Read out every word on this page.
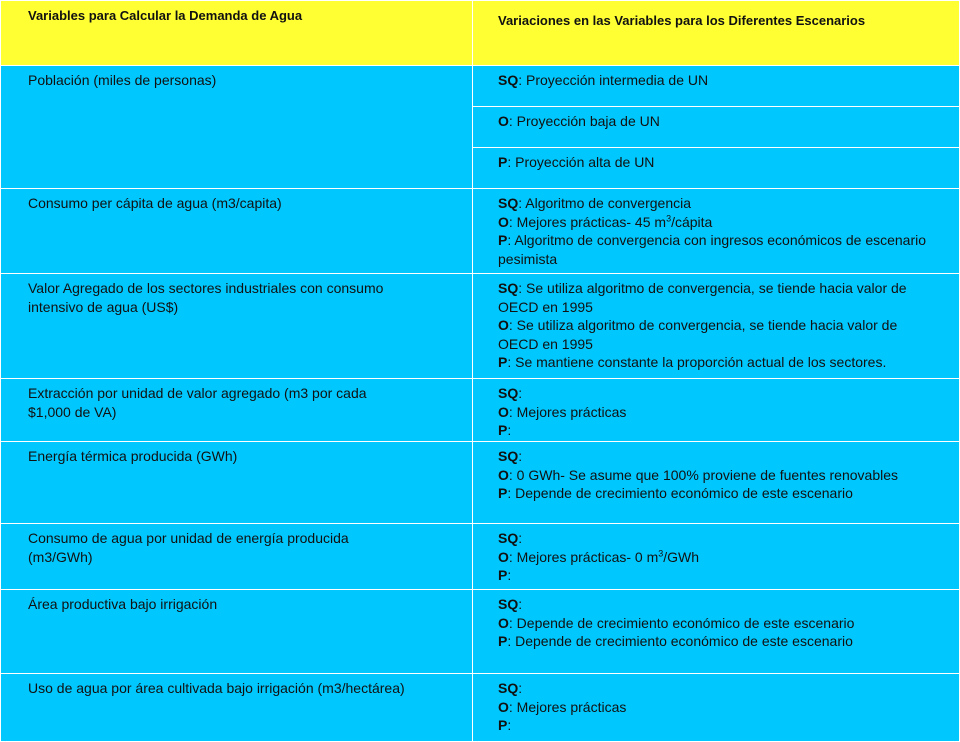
Variables para Calcular la Demanda de Agua	Variaciones en las Variables para los Diferentes Escenarios
Población (miles de personas)	SQ: Proyección intermedia de UN
	O: Proyección baja de UN
	P: Proyección alta de UN
Consumo per cápita de agua (m3/capita)	SQ: Algoritmo de convergencia
O: Mejores prácticas- 45 $m^3$/cápita
P: Algoritmo de convergencia con ingresos económicos de escenario pesimista

Valor Agregado de los sectores industriales con consumo intensivo de agua (US$)	SQ: Se utiliza algoritmo de convergencia, se tiende hacia valor de OECD en 1995
O: Se utiliza algoritmo de convergencia, se tiende hacia valor de OECD en 1995
P: Se mantiene constante la proporción actual de los sectores.

Extracción por unidad de valor agregado (m3 por cada $1,000 de VA)	SQ:
O: Mejores prácticas
P:

Energía térmica producida (GWh)	SQ:
O: 0 GWh- Se asume que 100% proviene de fuentes renovables
P: Depende de crecimiento económico de este escenario

Consumo de agua por unidad de energía producida (m3/GWh)	SQ:
O: Mejores prácticas- 0 $m^3$/GWh
P:

Área productiva bajo irrigación	SQ:
O: Depende de crecimiento económico de este escenario
P: Depende de crecimiento económico de este escenario

Uso de agua por área cultivada bajo irrigación (m3/hectárea)	SQ:
O: Mejores prácticas
P:
